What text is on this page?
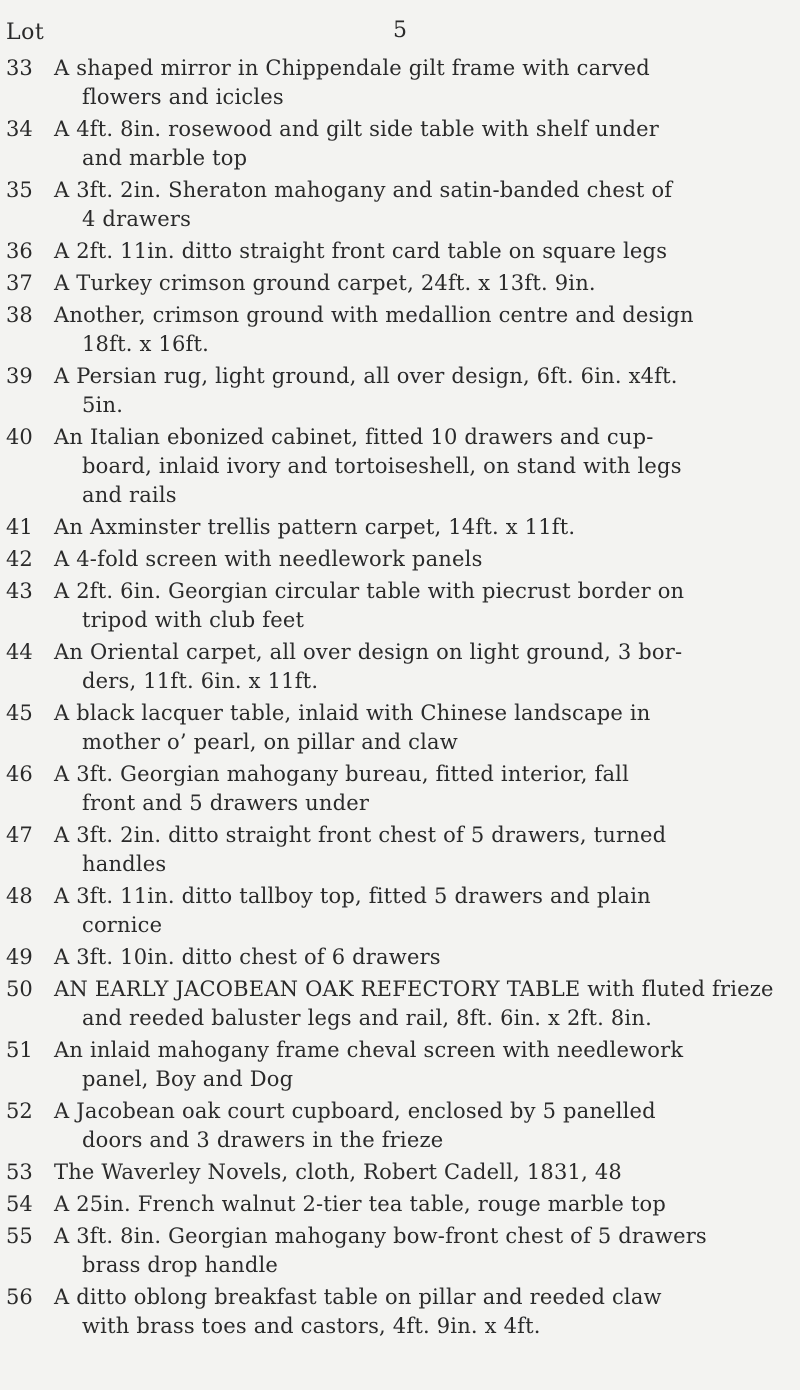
Lot	5
33	A shaped mirror in Chippendale gilt frame with carved
flowers and icicles
34	A 4ft. 8in. rosewood and gilt side table with shelf under
and marble top
35	A 3ft. 2in. Sheraton mahogany and satin-banded chest of
4 drawers
36	A 2ft. 11in. ditto straight front card table on square legs
37	A Turkey crimson ground carpet, 24ft. x 13ft. 9in.
38	Another, crimson ground with medallion centre and design
18ft. x 16ft.
39	A Persian rug, light ground, all over design, 6ft. 6in. x4ft.
5in.
40	An Italian ebonized cabinet, fitted 10 drawers and cup-
board, inlaid ivory and tortoiseshell, on stand with legs
and rails
41	An Axminster trellis pattern carpet, 14ft. x 11ft.
42	A 4-fold screen with needlework panels
43	A 2ft. 6in. Georgian circular table with piecrust border on
tripod with club feet
44	An Oriental carpet, all over design on light ground, 3 bor-
ders, 11ft. 6in. x 11ft.
45	A black lacquer table, inlaid with Chinese landscape in
mother o’ pearl, on pillar and claw
46	A 3ft. Georgian mahogany bureau, fitted interior, fall
front and 5 drawers under
47	A 3ft. 2in. ditto straight front chest of 5 drawers, turned
handles
48	A 3ft. 11in. ditto tallboy top, fitted 5 drawers and plain
cornice
49	A 3ft. 10in. ditto chest of 6 drawers
50	AN EARLY JACOBEAN OAK REFECTORY TABLE with fluted frieze
and reeded baluster legs and rail, 8ft. 6in. x 2ft. 8in.
51	An inlaid mahogany frame cheval screen with needlework
panel, Boy and Dog
52	A Jacobean oak court cupboard, enclosed by 5 panelled
doors and 3 drawers in the frieze
53	The Waverley Novels, cloth, Robert Cadell, 1831, 48
54	A 25in. French walnut 2-tier tea table, rouge marble top
55	A 3ft. 8in. Georgian mahogany bow-front chest of 5 drawers
brass drop handle
56	A ditto oblong breakfast table on pillar and reeded claw
with brass toes and castors, 4ft. 9in. x 4ft.
